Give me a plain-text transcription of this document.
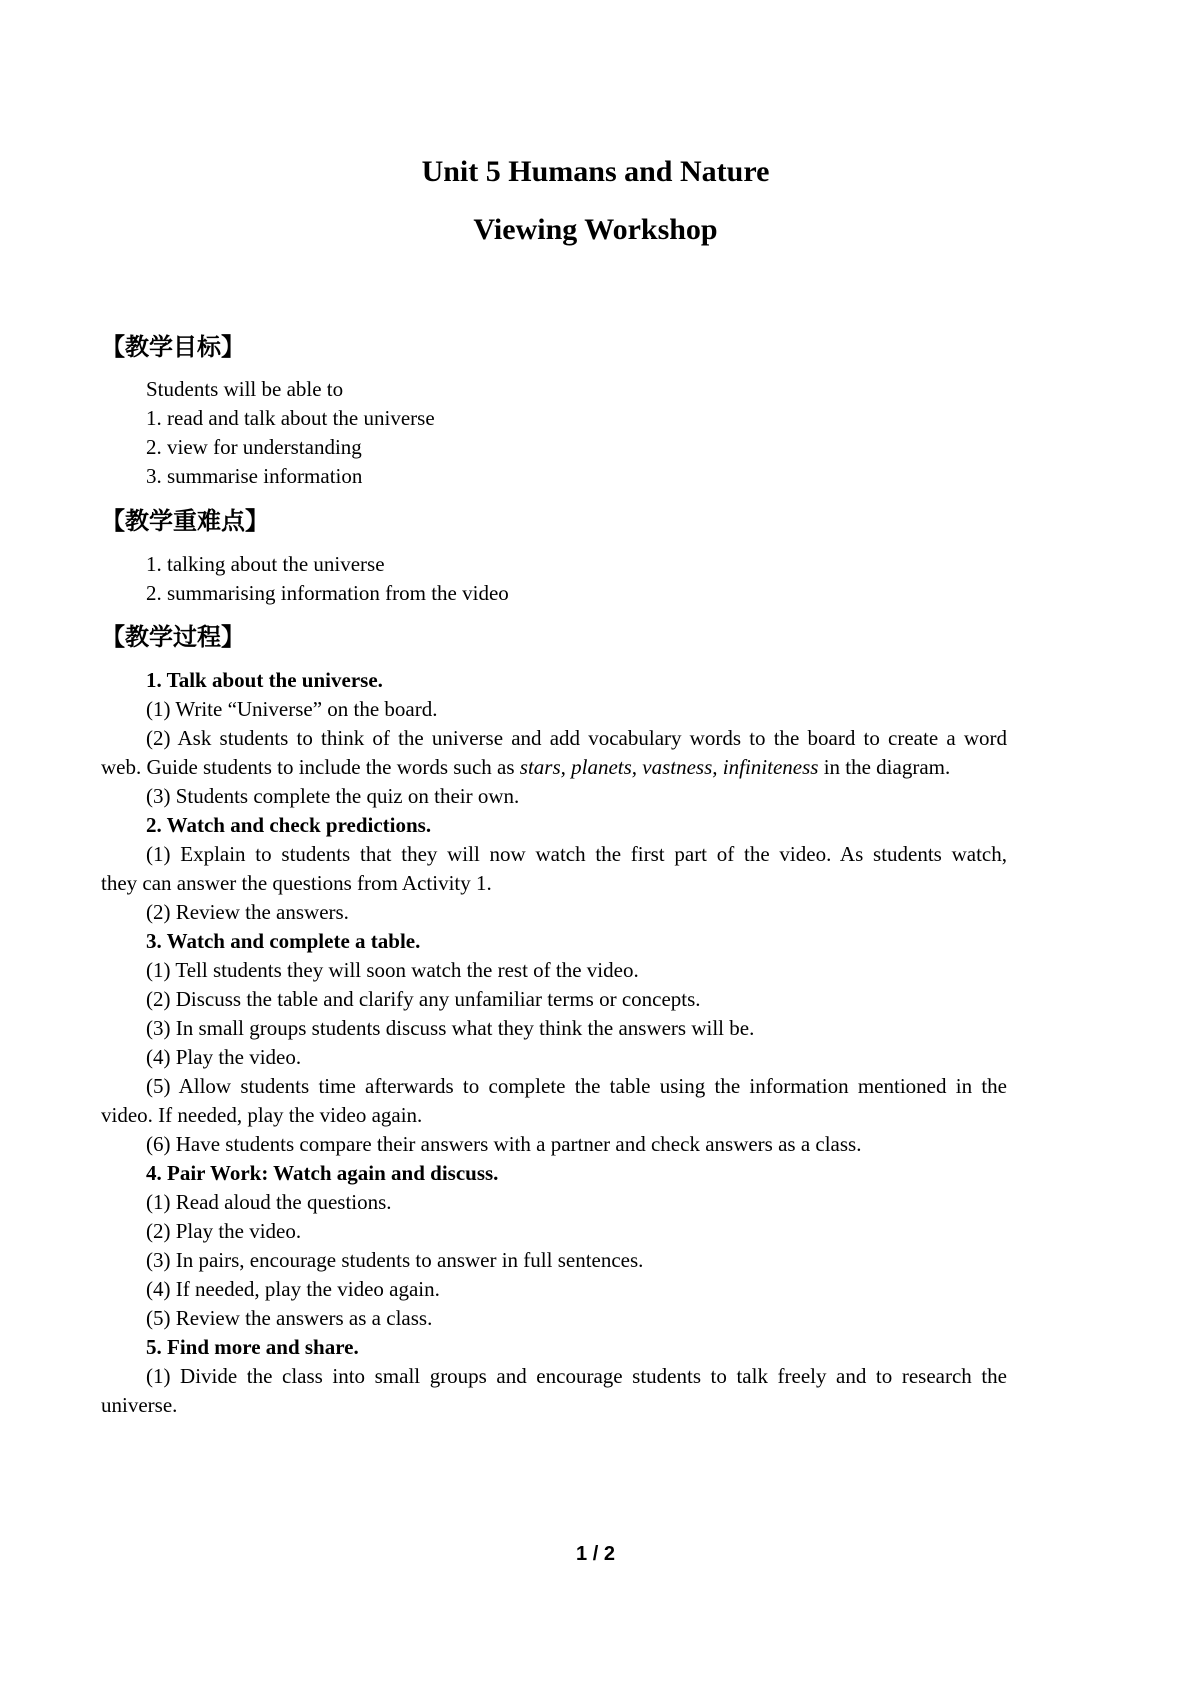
Unit 5 Humans and Nature
Viewing Workshop
【教学目标】
Students will be able to
1. read and talk about the universe
2. view for understanding
3. summarise information
【教学重难点】
1. talking about the universe
2. summarising information from the video
【教学过程】
1. Talk about the universe.
(1) Write “Universe” on the board.
(2) Ask students to think of the universe and add vocabulary words to the board to create a word
web. Guide students to include the words such as stars, planets, vastness, infiniteness in the diagram.
(3) Students complete the quiz on their own.
2. Watch and check predictions.
(1) Explain to students that they will now watch the first part of the video. As students watch,
they can answer the questions from Activity 1.
(2) Review the answers.
3. Watch and complete a table.
(1) Tell students they will soon watch the rest of the video.
(2) Discuss the table and clarify any unfamiliar terms or concepts.
(3) In small groups students discuss what they think the answers will be.
(4) Play the video.
(5) Allow students time afterwards to complete the table using the information mentioned in the
video. If needed, play the video again.
(6) Have students compare their answers with a partner and check answers as a class.
4. Pair Work: Watch again and discuss.
(1) Read aloud the questions.
(2) Play the video.
(3) In pairs, encourage students to answer in full sentences.
(4) If needed, play the video again.
(5) Review the answers as a class.
5. Find more and share.
(1) Divide the class into small groups and encourage students to talk freely and to research the
universe.
1 / 2
